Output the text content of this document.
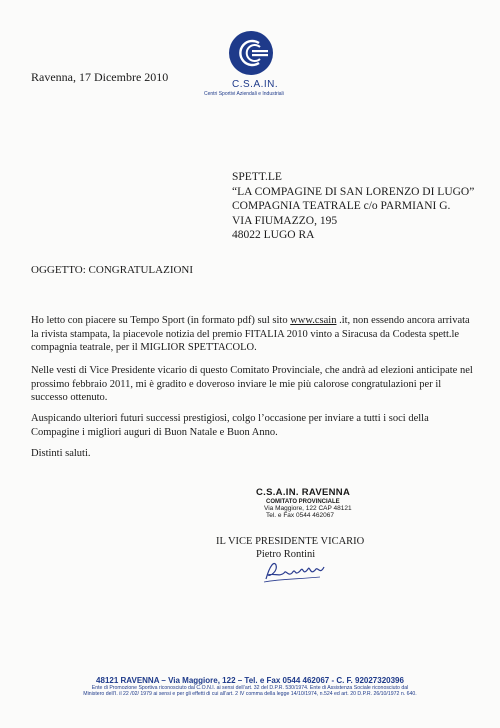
C.S.A.IN.
Centri Sportivi Aziendali e Industriali
Ravenna, 17 Dicembre 2010
SPETT.LE
“LA COMPAGINE DI SAN LORENZO DI LUGO”
COMPAGNIA TEATRALE c/o PARMIANI G.
VIA FIUMAZZO, 195
48022 LUGO RA
OGGETTO: CONGRATULAZIONI
Ho letto con piacere su Tempo Sport (in formato pdf) sul sito www.csain .it, non essendo ancora arrivata la rivista stampata, la piacevole notizia del premio FITALIA 2010 vinto a Siracusa da Codesta spett.le compagnia teatrale, per il MIGLIOR SPETTACOLO.
Nelle vesti di Vice Presidente vicario di questo Comitato Provinciale, che andrà ad elezioni anticipate nel prossimo febbraio 2011, mi è gradito e doveroso inviare le mie più calorose congratulazioni per il successo ottenuto.
Auspicando ulteriori futuri successi prestigiosi, colgo l’occasione per inviare a tutti i soci della Compagine i migliori auguri di Buon Natale e Buon Anno.
Distinti saluti.
C.S.A.IN. RAVENNA
COMITATO PROVINCIALE
Via Maggiore, 122 CAP 48121
Tel. e Fax 0544 462067
IL VICE PRESIDENTE VICARIO
Pietro Rontini
48121 RAVENNA – Via Maggiore, 122 – Tel. e Fax 0544 462067 - C. F. 92027320396
Ente di Promozione Sportiva riconosciuto dal C.O.N.I. ai sensi dell’art. 32 del D.P.R. 530/1974. Ente di Assistenza Sociale riconosciuto dal
Ministero dell’I. il 22 /02/ 1979 ai sensi e per gli effetti di cui all’art. 2 IV comma della legge 14/10/1974, n.524 ed art. 20 D.P.R. 26/10/1972 n. 640.
